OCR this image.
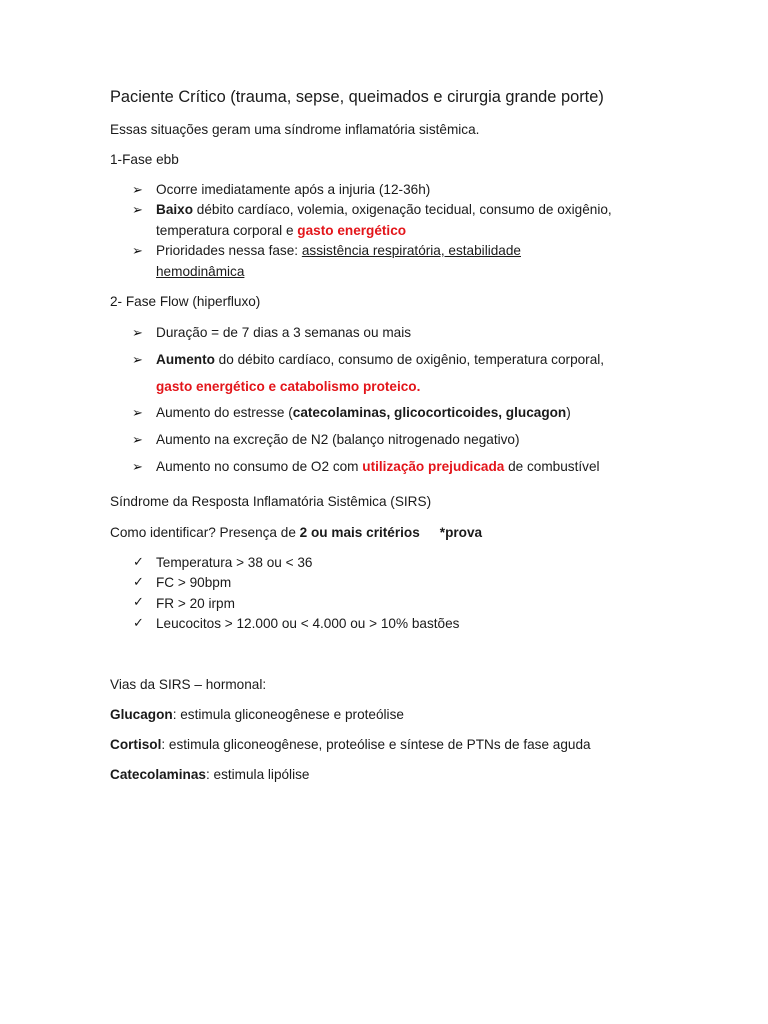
Paciente Crítico (trauma, sepse, queimados e cirurgia grande porte)
Essas situações geram uma síndrome inflamatória sistêmica.
1-Fase ebb
➢ Ocorre imediatamente após a injuria (12-36h)
➢ Baixo débito cardíaco, volemia, oxigenação tecidual, consumo de oxigênio,
temperatura corporal e gasto energético
➢ Prioridades nessa fase: assistência respiratória, estabilidade
hemodinâmica
2- Fase Flow (hiperfluxo)
➢ Duração = de 7 dias a 3 semanas ou mais
➢ Aumento do débito cardíaco, consumo de oxigênio, temperatura corporal,
gasto energético e catabolismo proteico.
➢ Aumento do estresse (catecolaminas, glicocorticoides, glucagon)
➢ Aumento na excreção de N2 (balanço nitrogenado negativo)
➢ Aumento no consumo de O2 com utilização prejudicada de combustível
Síndrome da Resposta Inflamatória Sistêmica (SIRS)
Como identificar? Presença de 2 ou mais critérios *prova
✓ Temperatura > 38 ou < 36
✓ FC > 90bpm
✓ FR > 20 irpm
✓ Leucocitos > 12.000 ou < 4.000 ou > 10% bastões
Vias da SIRS – hormonal:
Glucagon: estimula gliconeogênese e proteólise
Cortisol: estimula gliconeogênese, proteólise e síntese de PTNs de fase aguda
Catecolaminas: estimula lipólise
